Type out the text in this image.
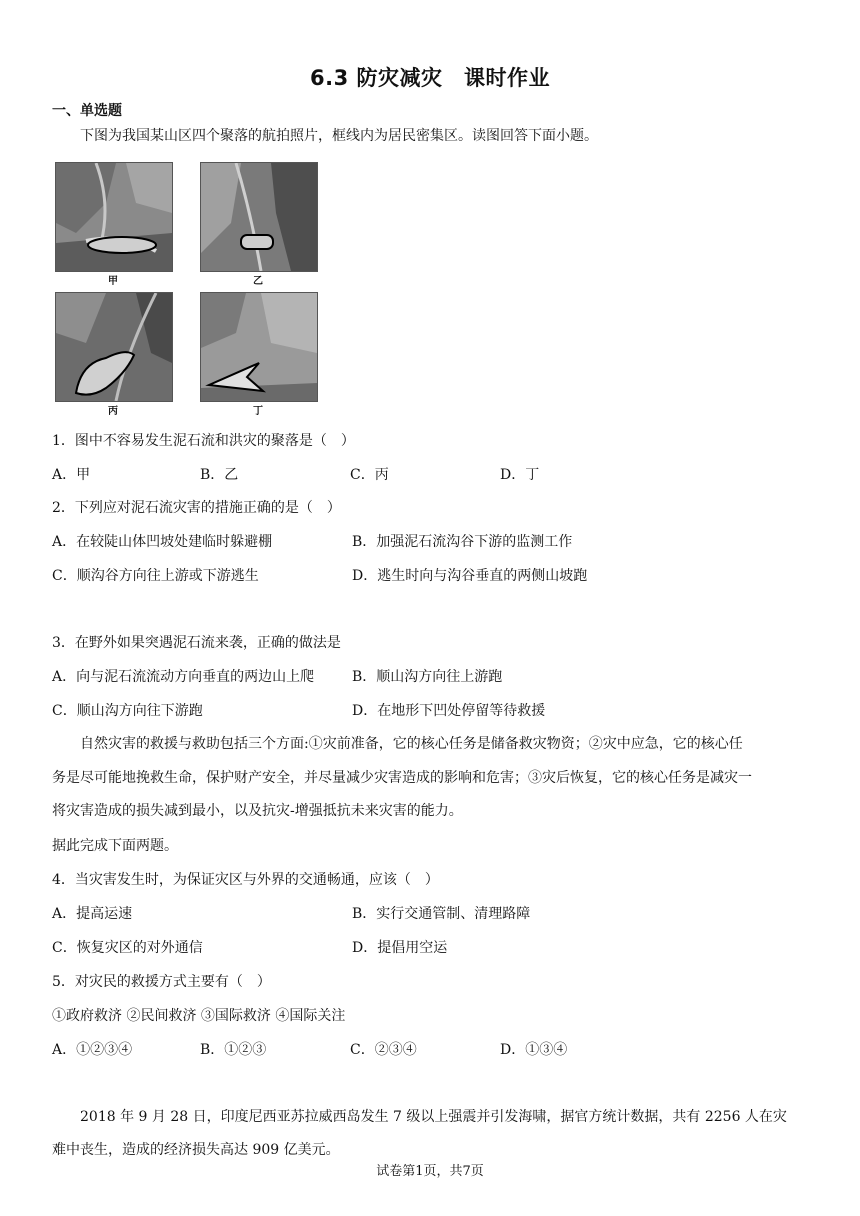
6.3 防灾减灾　课时作业
一、单选题
下图为我国某山区四个聚落的航拍照片，框线内为居民密集区。读图回答下面小题。
甲	乙
丙	丁
1．图中不容易发生泥石流和洪灾的聚落是（　）
A．甲	B．乙	C．丙	D．丁
2．下列应对泥石流灾害的措施正确的是（　）
A．在较陡山体凹坡处建临时躲避棚	B．加强泥石流沟谷下游的监测工作
C．顺沟谷方向往上游或下游逃生	D．逃生时向与沟谷垂直的两侧山坡跑
3．在野外如果突遇泥石流来袭，正确的做法是
A．向与泥石流流动方向垂直的两边山上爬	B．顺山沟方向往上游跑
C．顺山沟方向往下游跑	D．在地形下凹处停留等待救援
自然灾害的救援与救助包括三个方面:①灾前准备，它的核心任务是储备救灾物资；②灾中应急，它的核心任
务是尽可能地挽救生命，保护财产安全，并尽量减少灾害造成的影响和危害；③灾后恢复，它的核心任务是减灾一
将灾害造成的损失减到最小，以及抗灾-增强抵抗未来灾害的能力。
据此完成下面两题。
4．当灾害发生时，为保证灾区与外界的交通畅通，应该（　）
A．提高运速	B．实行交通管制、清理路障
C．恢复灾区的对外通信	D．提倡用空运
5．对灾民的救援方式主要有（　）
①政府救济 ②民间救济 ③国际救济 ④国际关注
A．①②③④	B．①②③	C．②③④	D．①③④
2018 年 9 月 28 日，印度尼西亚苏拉威西岛发生 7 级以上强震并引发海啸，据官方统计数据，共有 2256 人在灾
难中丧生，造成的经济损失高达 909 亿美元。
试卷第1页，共7页
